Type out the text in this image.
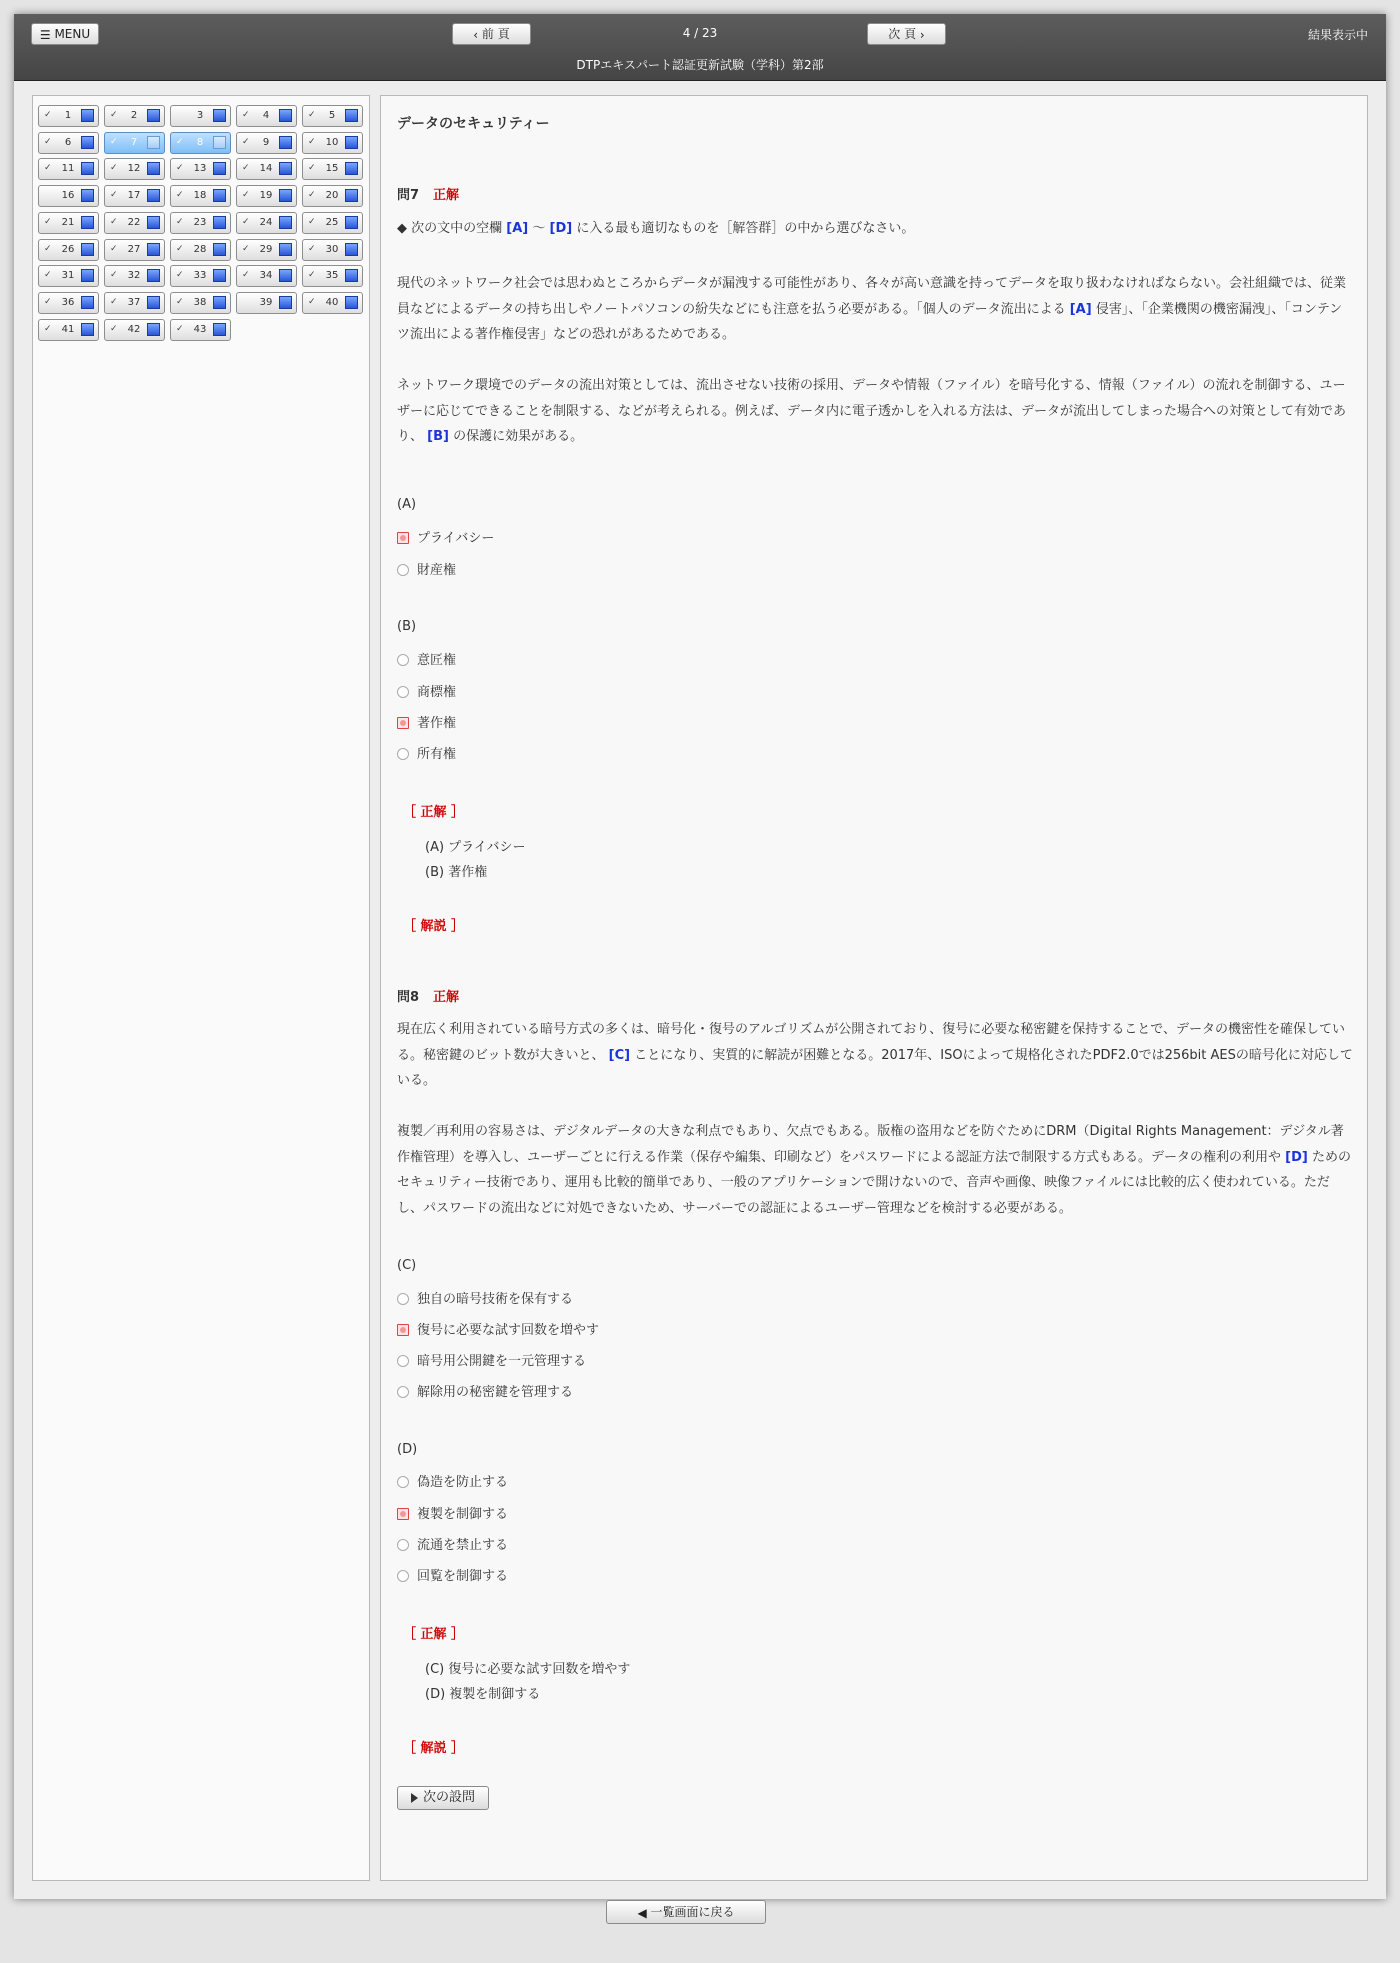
☰ MENU	‹ 前 頁	4 / 23	次 頁 ›	結果表示中
DTPエキスパート認証更新試験（学科）第2部
✓	1	✓	2	3	✓	4	✓	5
✓	6	✓	7	✓	8	✓	9	✓	10
✓	11	✓	12	✓	13	✓	14	✓	15
16	✓	17	✓	18	✓	19	✓	20
✓	21	✓	22	✓	23	✓	24	✓	25
✓	26	✓	27	✓	28	✓	29	✓	30
✓	31	✓	32	✓	33	✓	34	✓	35
✓	36	✓	37	✓	38	39	✓	40
✓	41	✓	42	✓	43
データのセキュリティー
問7 正解
◆ 次の文中の空欄 [A] 〜 [D] に入る最も適切なものを［解答群］の中から選びなさい。
現代のネットワーク社会では思わぬところからデータが漏洩する可能性があり、各々が高い意識を持ってデータを取り扱わなければならない。会社組織では、従業員などによるデータの持ち出しやノートパソコンの紛失などにも注意を払う必要がある。「個人のデータ流出による [A] 侵害」、「企業機関の機密漏洩」、「コンテンツ流出による著作権侵害」などの恐れがあるためである。
ネットワーク環境でのデータの流出対策としては、流出させない技術の採用、データや情報（ファイル）を暗号化する、情報（ファイル）の流れを制御する、ユーザーに応じてできることを制限する、などが考えられる。例えば、データ内に電子透かしを入れる方法は、データが流出してしまった場合への対策として有効であり、 [B] の保護に効果がある。
(A)
プライバシー
財産権
(B)
意匠権
商標権
著作権
所有権
［ 正解 ］
(A) プライバシー
(B) 著作権
［ 解説 ］
問8 正解
現在広く利用されている暗号方式の多くは、暗号化・復号のアルゴリズムが公開されており、復号に必要な秘密鍵を保持することで、データの機密性を確保している。秘密鍵のビット数が大きいと、 [C] ことになり、実質的に解読が困難となる。2017年、ISOによって規格化されたPDF2.0では256bit AESの暗号化に対応している。
複製／再利用の容易さは、デジタルデータの大きな利点でもあり、欠点でもある。版権の盗用などを防ぐためにDRM（Digital Rights Management：デジタル著作権管理）を導入し、ユーザーごとに行える作業（保存や編集、印刷など）をパスワードによる認証方法で制限する方式もある。データの権利の利用や [D] ためのセキュリティー技術であり、運用も比較的簡単であり、一般のアプリケーションで開けないので、音声や画像、映像ファイルには比較的広く使われている。ただし、パスワードの流出などに対処できないため、サーバーでの認証によるユーザー管理などを検討する必要がある。
(C)
独自の暗号技術を保有する
復号に必要な試す回数を増やす
暗号用公開鍵を一元管理する
解除用の秘密鍵を管理する
(D)
偽造を防止する
複製を制御する
流通を禁止する
回覧を制御する
［ 正解 ］
(C) 復号に必要な試す回数を増やす
(D) 複製を制御する
［ 解説 ］
次の設問
◀ 一覧画面に戻る
